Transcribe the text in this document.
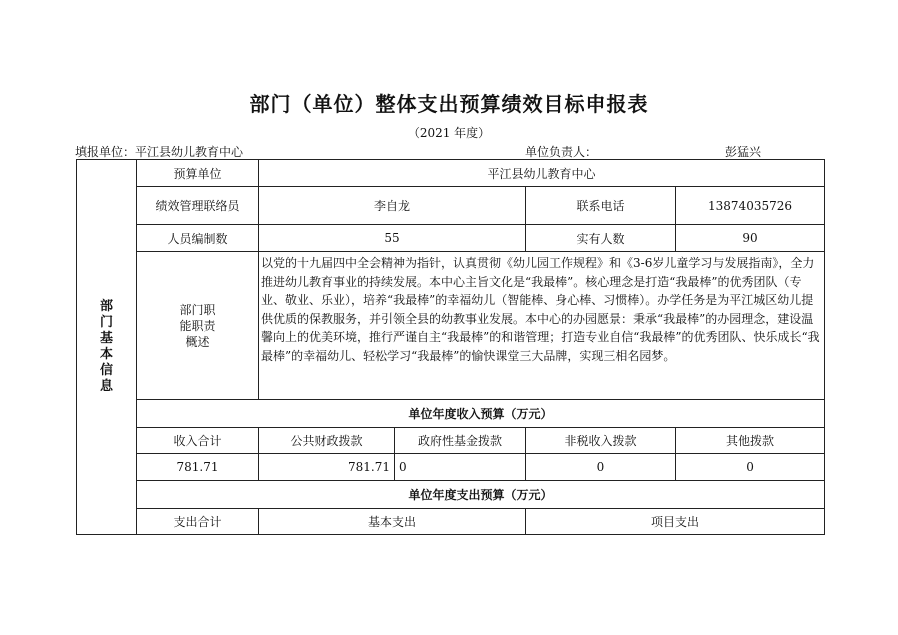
部门（单位）整体支出预算绩效目标申报表
（2021 年度）
填报单位：平江县幼儿教育中心	单位负责人：	彭猛兴
部门基本信息	预算单位	平江县幼儿教育中心			
	绩效管理联络员	李自龙		联系电话	13874035726
	人员编制数	55		实有人数	90
	部门职能职责概述	以党的十九届四中全会精神为指针，认真贯彻《幼儿园工作规程》和《3-6岁儿童学习与发展指南》，全力推进幼儿教育事业的持续发展。本中心主旨文化是“我最棒”。核心理念是打造“我最棒”的优秀团队（专业、敬业、乐业），培养“我最棒”的幸福幼儿（智能棒、身心棒、习惯棒）。办学任务是为平江城区幼儿提供优质的保教服务，并引领全县的幼教事业发展。本中心的办园愿景：秉承“我最棒”的办园理念，建设温馨向上的优美环境，推行严谨自主“我最棒”的和谐管理；打造专业自信“我最棒”的优秀团队、快乐成长“我最棒”的幸福幼儿、轻松学习“我最棒”的愉快课堂三大品牌，实现三相名园梦。			
	单位年度收入预算（万元）				
	收入合计	公共财政拨款	政府性基金拨款	非税收入拨款	其他拨款
	781.71	781.71	0	0	0
	单位年度支出预算（万元）				
	支出合计	基本支出		项目支出	
